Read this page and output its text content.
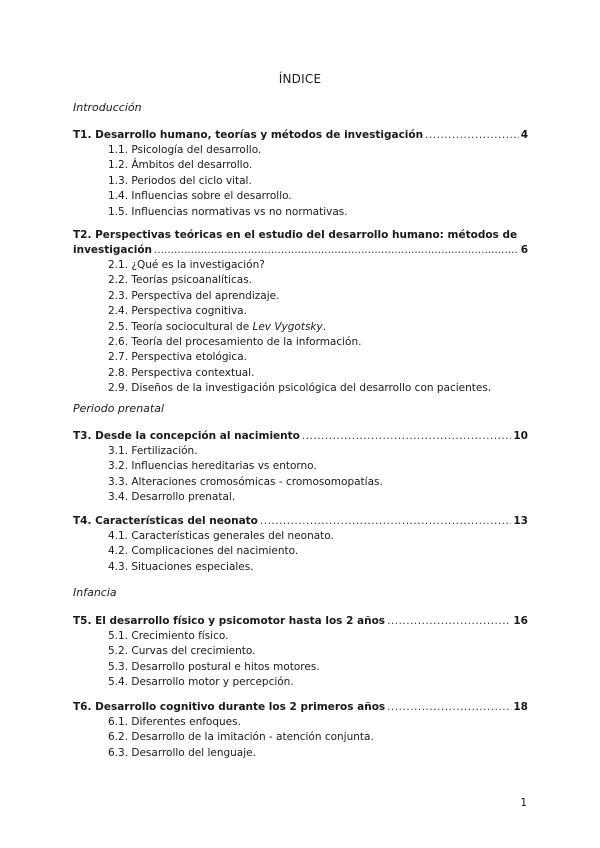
ÍNDICE
Introducción
T1. Desarrollo humano, teorías y métodos de investigación .....	4
1.1. Psicología del desarrollo.
1.2. Ámbitos del desarrollo.
1.3. Periodos del ciclo vital.
1.4. Influencias sobre el desarrollo.
1.5. Influencias normativas vs no normativas.
T2. Perspectivas teóricas en el estudio del desarrollo humano: métodos de
investigación .....	6
2.1. ¿Qué es la investigación?
2.2. Teorías psicoanalíticas.
2.3. Perspectiva del aprendizaje.
2.4. Perspectiva cognitiva.
2.5. Teoría sociocultural de Lev Vygotsky.
2.6. Teoría del procesamiento de la información.
2.7. Perspectiva etológica.
2.8. Perspectiva contextual.
2.9. Diseños de la investigación psicológica del desarrollo con pacientes.
Periodo prenatal
T3. Desde la concepción al nacimiento .....	10
3.1. Fertilización.
3.2. Influencias hereditarias vs entorno.
3.3. Alteraciones cromosómicas - cromosomopatías.
3.4. Desarrollo prenatal.
T4. Características del neonato .....	13
4.1. Características generales del neonato.
4.2. Complicaciones del nacimiento.
4.3. Situaciones especiales.
Infancia
T5. El desarrollo físico y psicomotor hasta los 2 años .....	16
5.1. Crecimiento físico.
5.2. Curvas del crecimiento.
5.3. Desarrollo postural e hitos motores.
5.4. Desarrollo motor y percepción.
T6. Desarrollo cognitivo durante los 2 primeros años .....	18
6.1. Diferentes enfoques.
6.2. Desarrollo de la imitación - atención conjunta.
6.3. Desarrollo del lenguaje.
1
